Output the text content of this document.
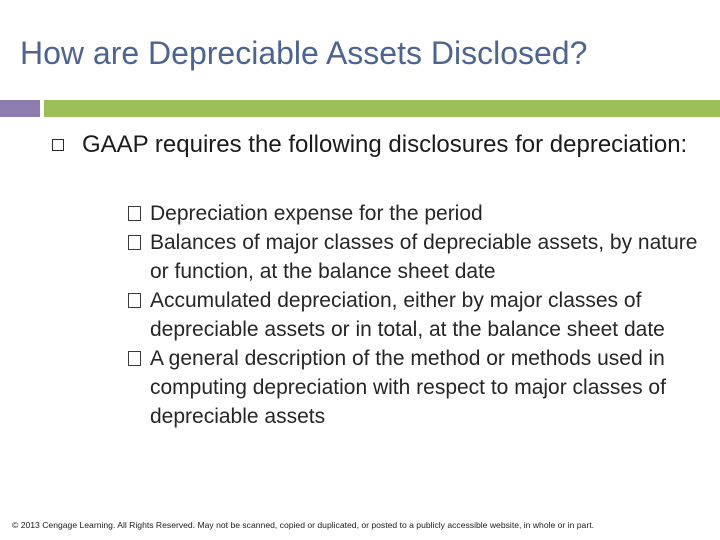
How are Depreciable Assets Disclosed?
GAAP requires the following disclosures for depreciation:
Depreciation expense for the period
Balances of major classes of depreciable assets, by nature or function, at the balance sheet date
Accumulated depreciation, either by major classes of depreciable assets or in total, at the balance sheet date
A general description of the method or methods used in computing depreciation with respect to major classes of depreciable assets
© 2013 Cengage Learning. All Rights Reserved. May not be scanned, copied or duplicated, or posted to a publicly accessible website, in whole or in part.
